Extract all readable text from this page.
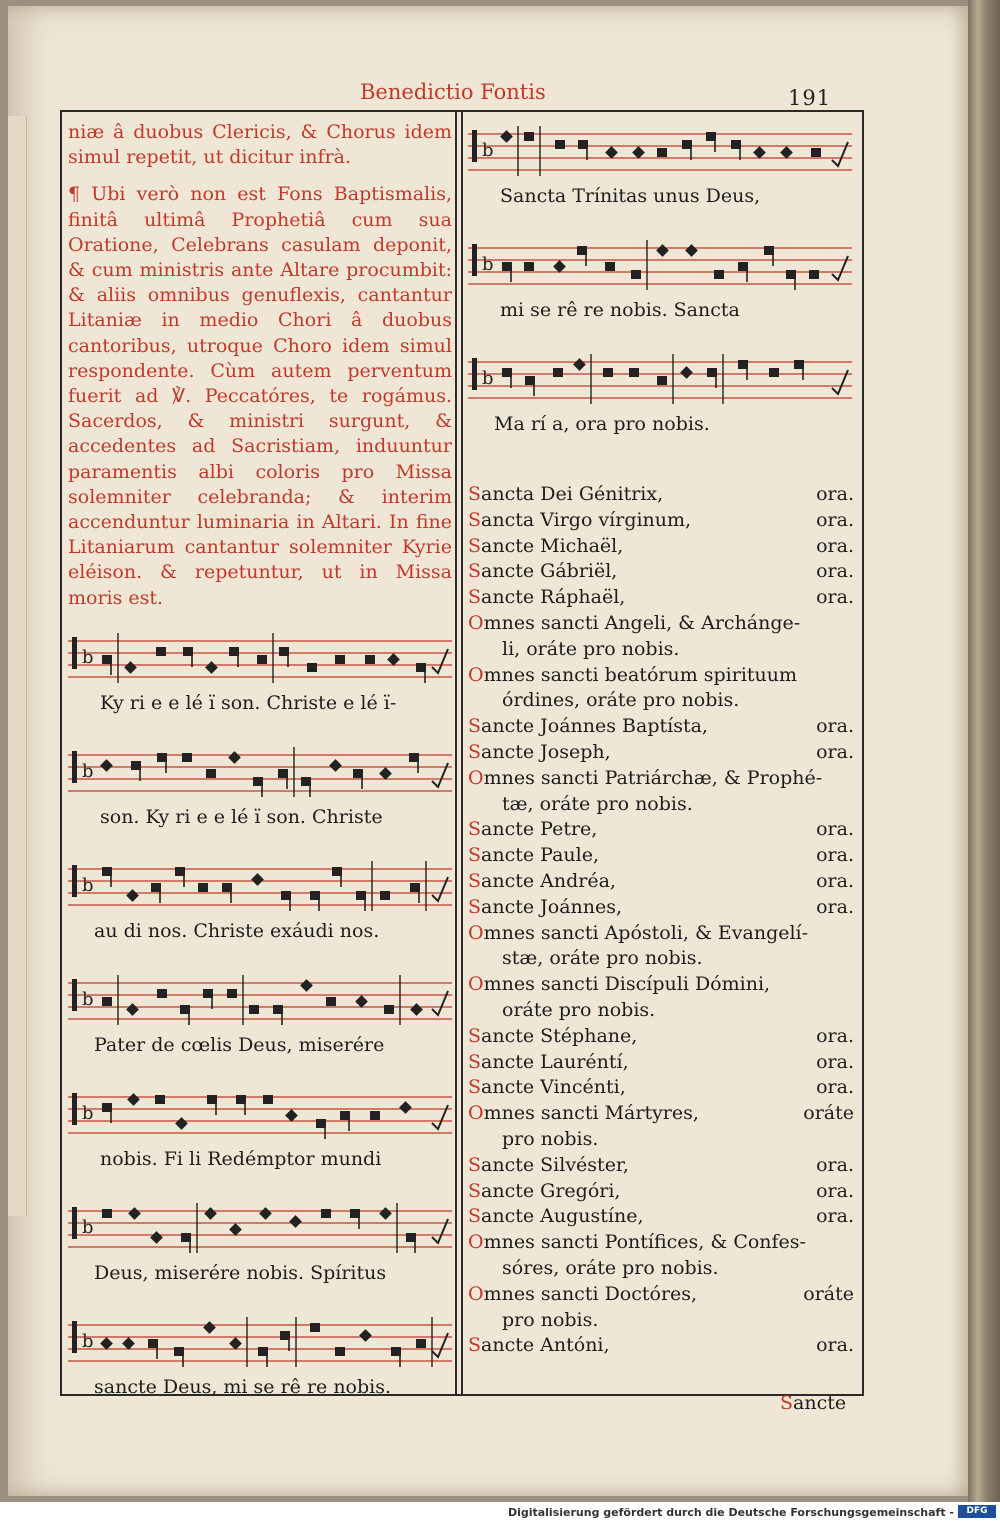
Benedictio Fontis	191

niæ â duobus Clericis, & Chorus idem simul repetit, ut dicitur infrà.

¶ Ubi verò non est Fons Baptismalis, finitâ ultimâ Prophetiâ cum sua Oratione, Celebrans casulam deponit, & cum ministris ante Altare procumbit: & aliis omnibus genuflexis, cantantur Litaniæ in medio Chori â duobus cantoribus, utroque Choro idem simul respondente. Cùm autem perventum fuerit ad ℣. Peccatóres, te rogámus. Sacerdos, & ministri surgunt, & accedentes ad Sacristiam, induuntur paramentis albi coloris pro Missa solemniter celebranda; & interim accenduntur luminaria in Altari. In fine Litaniarum cantantur solemniter Kyrie eléison. & repetuntur, ut in Missa moris est.

b
Ky ri e e lé ï son. Christe e lé ï-
b
son. Ky ri e e lé ï son. Christe
b
au di nos. Christe exáudi nos.
b
Pater de cœlis Deus, miserére
b
nobis. Fi li Redémptor mundi
b
Deus, miserére nobis. Spíritus
b
sancte Deus, mi se rê re nobis.
b
Sancta Trínitas unus Deus,
b
mi se rê re nobis. Sancta
b
Ma rí a, ora pro nobis.
Sancta Dei Génitrix,	ora.
Sancta Virgo vírginum,	ora.
Sancte Michaël,	ora.
Sancte Gábriël,	ora.
Sancte Ráphaël,	ora.
Omnes sancti Angeli, & Archánge-
li, oráte pro nobis.
Omnes sancti beatórum spirituum
órdines, oráte pro nobis.
Sancte Joánnes Baptísta,	ora.
Sancte Joseph,	ora.
Omnes sancti Patriárchæ, & Prophé-
tæ, oráte pro nobis.
Sancte Petre,	ora.
Sancte Paule,	ora.
Sancte Andréa,	ora.
Sancte Joánnes,	ora.
Omnes sancti Apóstoli, & Evangelí-
stæ, oráte pro nobis.
Omnes sancti Discípuli Dómini,
oráte pro nobis.
Sancte Stéphane,	ora.
Sancte Lauréntí,	ora.
Sancte Vincénti,	ora.
Omnes sancti Mártyres,	oráte
pro nobis.
Sancte Silvéster,	ora.
Sancte Gregóri,	ora.
Sancte Augustíne,	ora.
Omnes sancti Pontífices, & Confes-
sóres, oráte pro nobis.
Omnes sancti Doctóres,	oráte
pro nobis.
Sancte Antóni,	ora.
Sancte
Digitalisierung gefördert durch die Deutsche Forschungsgemeinschaft -	DFG
